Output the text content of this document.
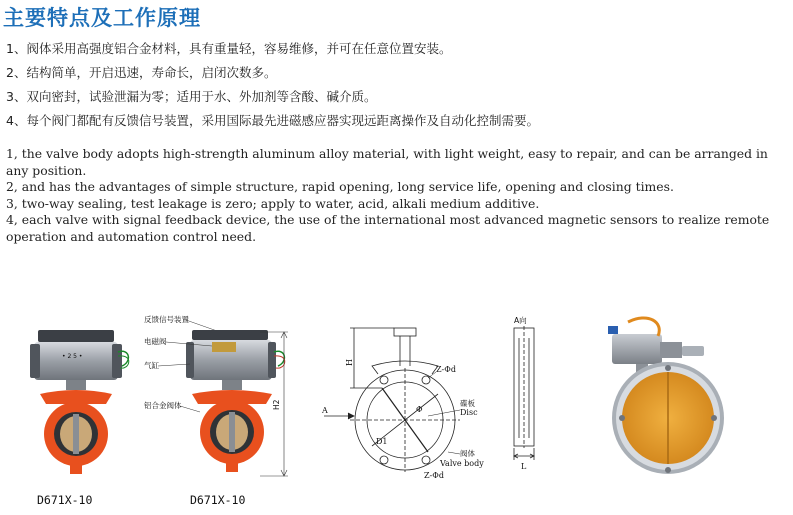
主要特点及工作原理
1、阀体采用高强度铝合金材料，具有重量轻，容易维修，并可在任意位置安装。
2、结构简单，开启迅速，寿命长，启闭次数多。
3、双向密封，试验泄漏为零；适用于水、外加剂等含酸、碱介质。
4、每个阀门都配有反馈信号装置，采用国际最先进磁感应器实现远距离操作及自动化控制需要。

1, the valve body adopts high-strength aluminum alloy material, with light weight, easy to repair, and can be arranged in any position.

2, and has the advantages of simple structure, rapid opening, long service life, opening and closing times.

3, two-way sealing, test leakage is zero; apply to water, acid, alkali medium additive.

4, each valve with signal feedback device, the use of the international most advanced magnetic sensors to realize remote operation and automation control need.

• 2 5 •
D671X-10
反馈信号装置
电磁阀
气缸
铝合金阀体	H2
D671X-10
H
A	Φ
D1
Z-Φd
碟板
Disc
阀体
Valve body
Z-Φd
A向
L
